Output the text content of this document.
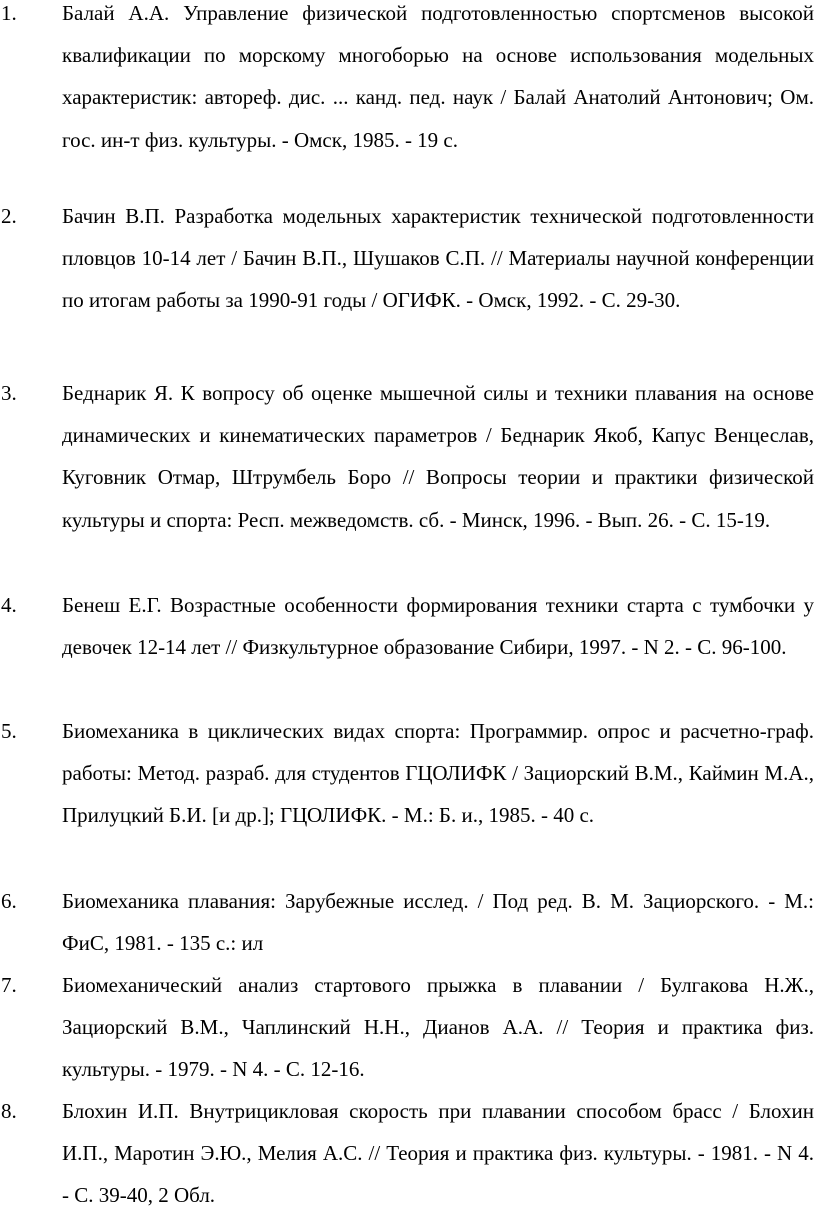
1. Балай А.А. Управление физической подготовленностью спортсменов высокой квалификации по морскому многоборью на основе использования модельных характеристик: автореф. дис. ... канд. пед. наук / Балай Анатолий Антонович; Ом. гос. ин-т физ. культуры. - Омск, 1985. - 19 с.
2. Бачин В.П. Разработка модельных характеристик технической подготовленности пловцов 10-14 лет / Бачин В.П., Шушаков С.П. // Материалы научной конференции по итогам работы за 1990-91 годы / ОГИФК. - Омск, 1992. - С. 29-30.
3. Беднарик Я. К вопросу об оценке мышечной силы и техники плавания на основе динамических и кинематических параметров / Беднарик Якоб, Капус Венцеслав, Куговник Отмар, Штрумбель Боро // Вопросы теории и практики физической культуры и спорта: Респ. межведомств. сб. - Минск, 1996. - Вып. 26. - С. 15-19.
4. Бенеш Е.Г. Возрастные особенности формирования техники старта с тумбочки у девочек 12-14 лет // Физкультурное образование Сибири, 1997. - N 2. - С. 96-100.
5. Биомеханика в циклических видах спорта: Программир. опрос и расчетно-граф. работы: Метод. разраб. для студентов ГЦОЛИФК / Зациорский В.М., Каймин М.А., Прилуцкий Б.И. [и др.]; ГЦОЛИФК. - М.: Б. и., 1985. - 40 с.
6. Биомеханика плавания: Зарубежные исслед. / Под ред. В. М. Зациорского. - М.: ФиС, 1981. - 135 с.: ил
7. Биомеханический анализ стартового прыжка в плавании / Булгакова Н.Ж., Зациорский В.М., Чаплинский Н.Н., Дианов А.А. // Теория и практика физ. культуры. - 1979. - N 4. - С. 12-16.
8. Блохин И.П. Внутрицикловая скорость при плавании способом брасс / Блохин И.П., Маротин Э.Ю., Мелия А.С. // Теория и практика физ. культуры. - 1981. - N 4. - С. 39-40, 2 Обл.
